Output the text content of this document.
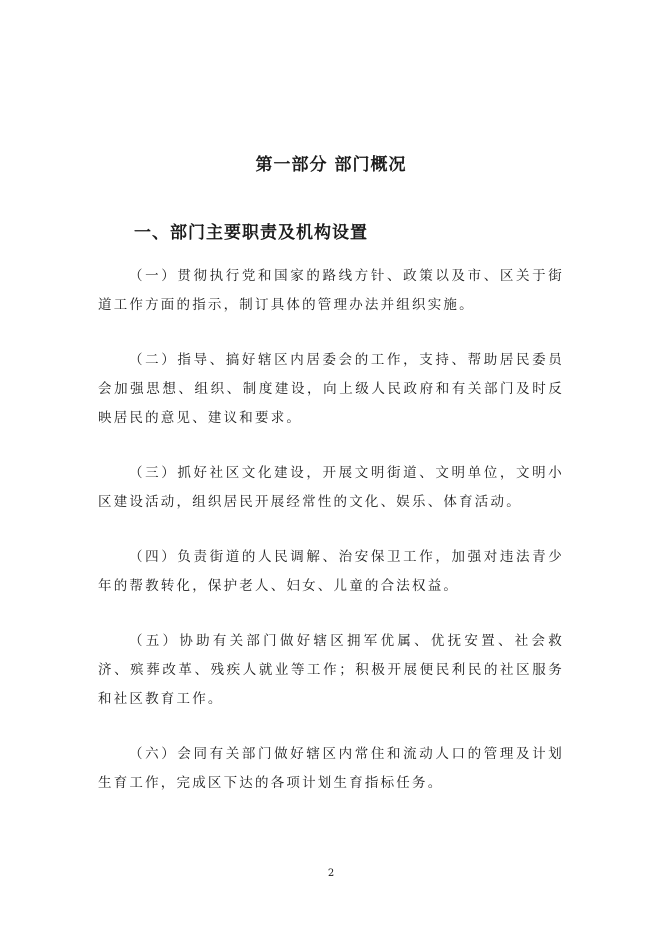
第一部分 部门概况
一、部门主要职责及机构设置

（一）贯彻执行党和国家的路线方针、政策以及市、区关于街道工作方面的指示，制订具体的管理办法并组织实施。

（二）指导、搞好辖区内居委会的工作，支持、帮助居民委员会加强思想、组织、制度建设，向上级人民政府和有关部门及时反映居民的意见、建议和要求。

（三）抓好社区文化建设，开展文明街道、文明单位，文明小区建设活动，组织居民开展经常性的文化、娱乐、体育活动。

（四）负责街道的人民调解、治安保卫工作，加强对违法青少年的帮教转化，保护老人、妇女、儿童的合法权益。

（五）协助有关部门做好辖区拥军优属、优抚安置、社会救济、殡葬改革、残疾人就业等工作；积极开展便民利民的社区服务和社区教育工作。

（六）会同有关部门做好辖区内常住和流动人口的管理及计划生育工作，完成区下达的各项计划生育指标任务。

2
